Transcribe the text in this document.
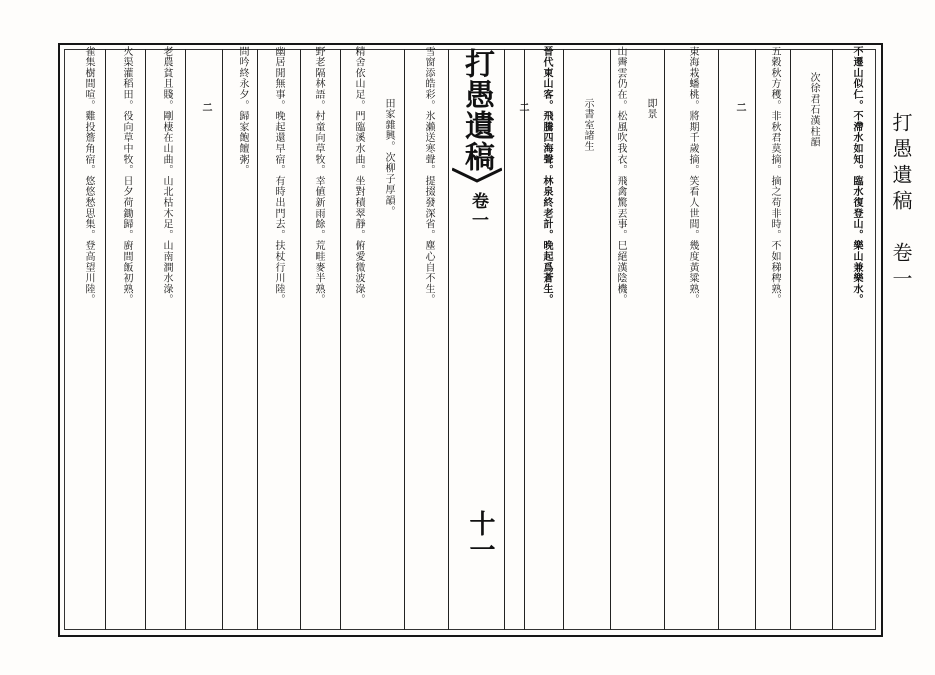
不遷山似仁。不滯水如知。臨水復登山。樂山兼樂水。
次徐君石漢柱韻
五穀秋方穫。非秋君莫摘。摘之苟非時。不如稊稗熟。
二
東海栽蟠桃。將期千歲摘。笑看人世間。幾度黃粱熟。
即景
山霽雲仍在。松風吹我衣。飛禽驚丟事。巳絕漢陰機。
示書室諸生
晉代東山客。飛騰四海聲。林泉終老計。晚起爲蒼生。
二
打愚遺稿
卷一
十一
雪窗添皓彩。氷瀨送寒聲。提掇發深省。塵心自不生。
田家雜興。次柳子厚韻。
精舍依山足。門臨溪水曲。坐對積翠靜。俯愛微波淥。
野老隔林語。村童向草牧。幸値新雨餘。荒畦麥半熟。
幽居閒無事。晚起還早宿。有時出門去。扶杖行川陸。
問吟終永夕。歸家飽饘粥。
二
老農貧且賤。剛棲在山曲。山北枯木足。山南澗水淥。
火渠灌稻田。役向草中牧。日夕荷鋤歸。廚間飯初熟。
雀集樹間喧。雞投簷角宿。悠悠愁思集。登高望川陸。	打愚遺稿　卷一
